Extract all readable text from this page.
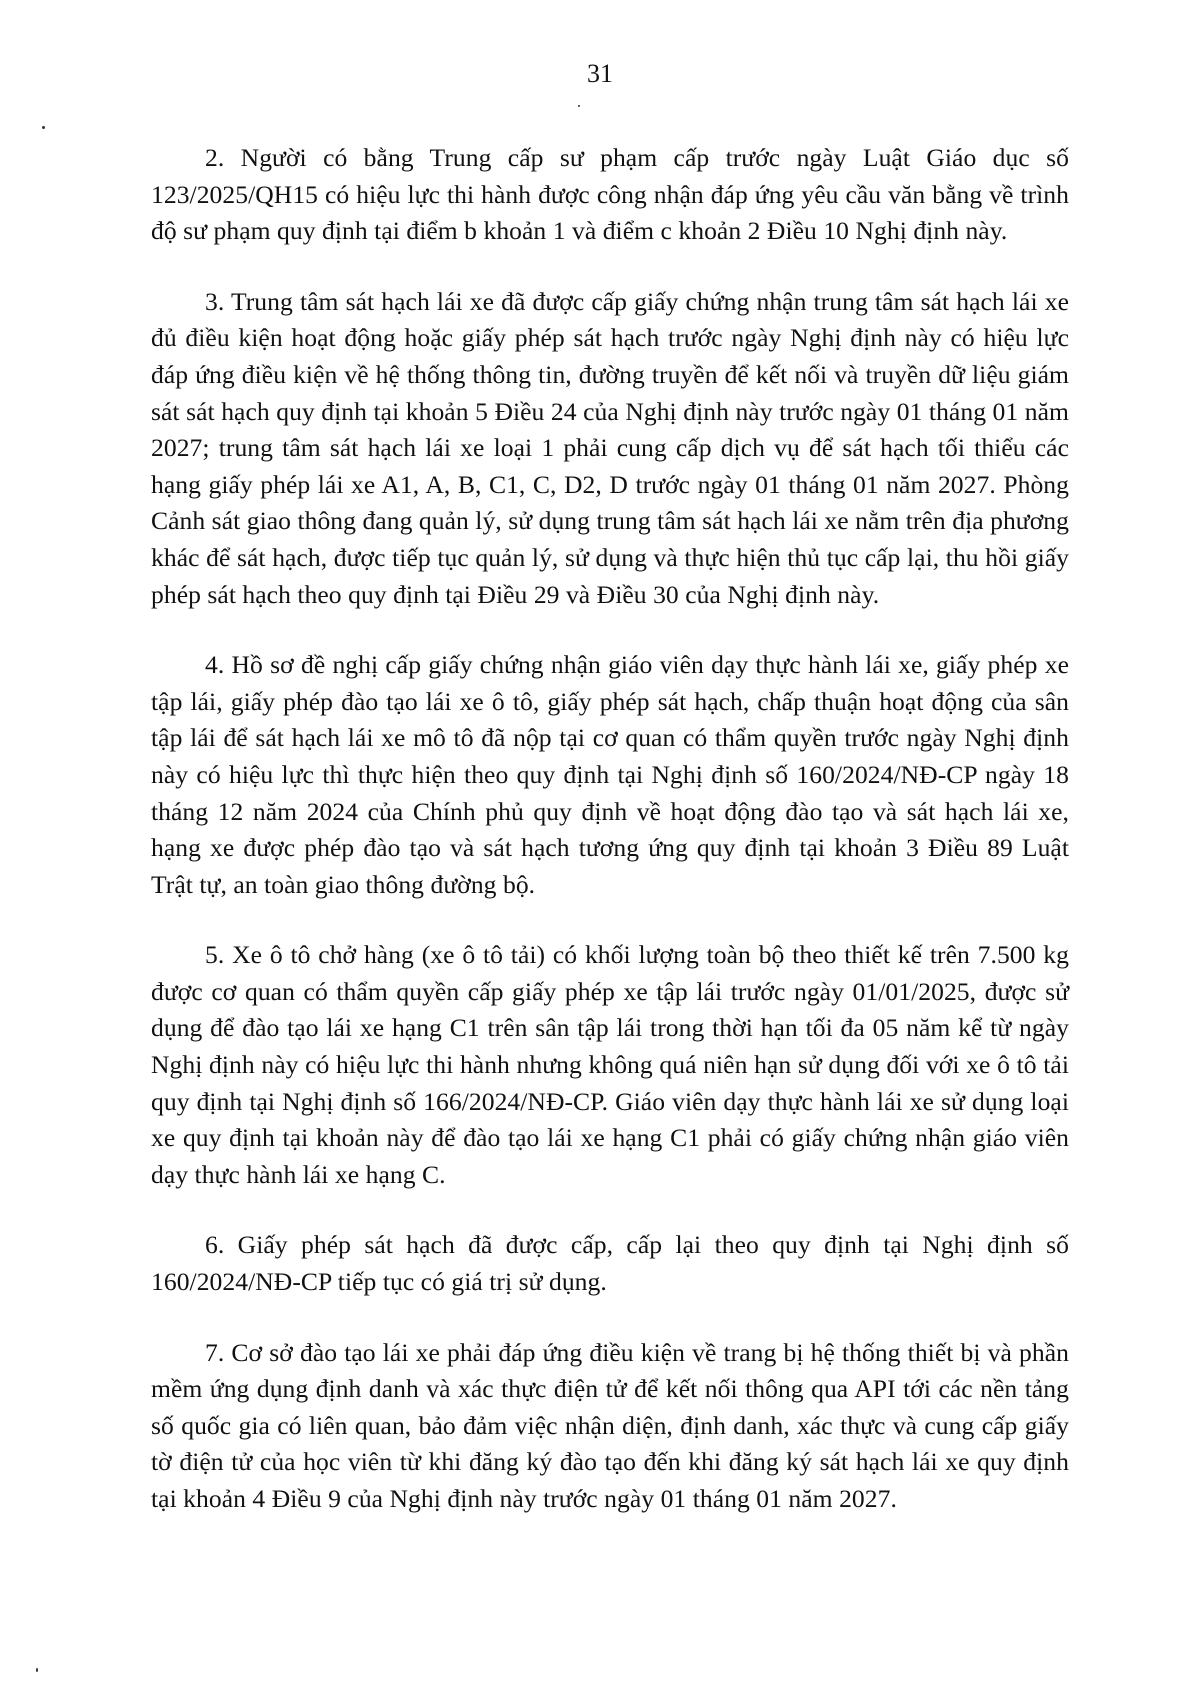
31

2. Người có bằng Trung cấp sư phạm cấp trước ngày Luật Giáo dục số 123/2025/QH15 có hiệu lực thi hành được công nhận đáp ứng yêu cầu văn bằng về trình độ sư phạm quy định tại điểm b khoản 1 và điểm c khoản 2 Điều 10 Nghị định này.

3. Trung tâm sát hạch lái xe đã được cấp giấy chứng nhận trung tâm sát hạch lái xe đủ điều kiện hoạt động hoặc giấy phép sát hạch trước ngày Nghị định này có hiệu lực đáp ứng điều kiện về hệ thống thông tin, đường truyền để kết nối và truyền dữ liệu giám sát sát hạch quy định tại khoản 5 Điều 24 của Nghị định này trước ngày 01 tháng 01 năm 2027; trung tâm sát hạch lái xe loại 1 phải cung cấp dịch vụ để sát hạch tối thiểu các hạng giấy phép lái xe A1, A, B, C1, C, D2, D trước ngày 01 tháng 01 năm 2027. Phòng Cảnh sát giao thông đang quản lý, sử dụng trung tâm sát hạch lái xe nằm trên địa phương khác để sát hạch, được tiếp tục quản lý, sử dụng và thực hiện thủ tục cấp lại, thu hồi giấy phép sát hạch theo quy định tại Điều 29 và Điều 30 của Nghị định này.

4. Hồ sơ đề nghị cấp giấy chứng nhận giáo viên dạy thực hành lái xe, giấy phép xe tập lái, giấy phép đào tạo lái xe ô tô, giấy phép sát hạch, chấp thuận hoạt động của sân tập lái để sát hạch lái xe mô tô đã nộp tại cơ quan có thẩm quyền trước ngày Nghị định này có hiệu lực thì thực hiện theo quy định tại Nghị định số 160/2024/NĐ-CP ngày 18 tháng 12 năm 2024 của Chính phủ quy định về hoạt động đào tạo và sát hạch lái xe, hạng xe được phép đào tạo và sát hạch tương ứng quy định tại khoản 3 Điều 89 Luật Trật tự, an toàn giao thông đường bộ.

5. Xe ô tô chở hàng (xe ô tô tải) có khối lượng toàn bộ theo thiết kế trên 7.500 kg được cơ quan có thẩm quyền cấp giấy phép xe tập lái trước ngày 01/01/2025, được sử dụng để đào tạo lái xe hạng C1 trên sân tập lái trong thời hạn tối đa 05 năm kể từ ngày Nghị định này có hiệu lực thi hành nhưng không quá niên hạn sử dụng đối với xe ô tô tải quy định tại Nghị định số 166/2024/NĐ-CP. Giáo viên dạy thực hành lái xe sử dụng loại xe quy định tại khoản này để đào tạo lái xe hạng C1 phải có giấy chứng nhận giáo viên dạy thực hành lái xe hạng C.

6. Giấy phép sát hạch đã được cấp, cấp lại theo quy định tại Nghị định số 160/2024/NĐ-CP tiếp tục có giá trị sử dụng.

7. Cơ sở đào tạo lái xe phải đáp ứng điều kiện về trang bị hệ thống thiết bị và phần mềm ứng dụng định danh và xác thực điện tử để kết nối thông qua API tới các nền tảng số quốc gia có liên quan, bảo đảm việc nhận diện, định danh, xác thực và cung cấp giấy tờ điện tử của học viên từ khi đăng ký đào tạo đến khi đăng ký sát hạch lái xe quy định tại khoản 4 Điều 9 của Nghị định này trước ngày 01 tháng 01 năm 2027.
